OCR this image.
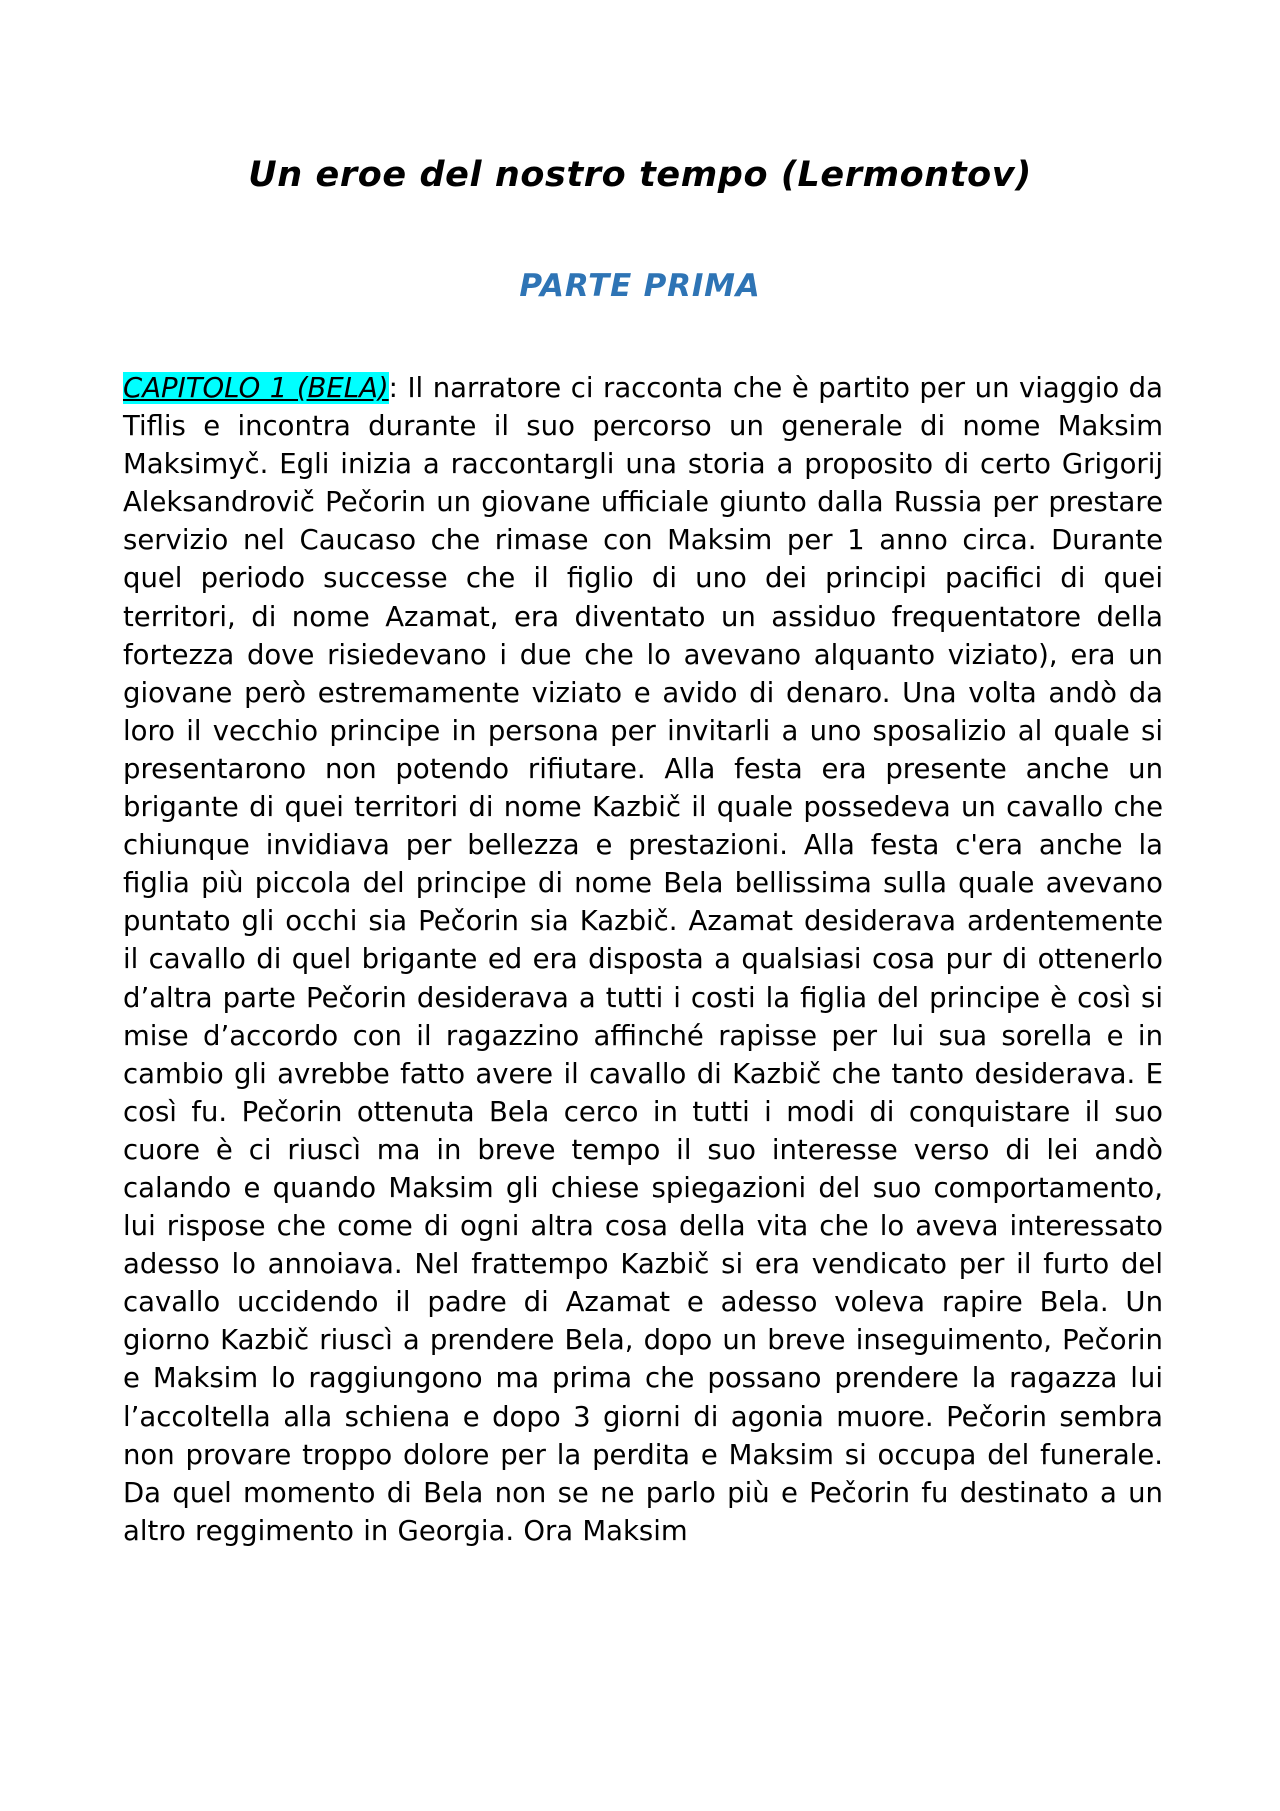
Un eroe del nostro tempo (Lermontov)
PARTE PRIMA

CAPITOLO 1 (BELA): Il narratore ci racconta che è partito per un viaggio da Tiflis e incontra durante il suo percorso un generale di nome Maksim Maksimyč. Egli inizia a raccontargli una storia a proposito di certo Grigorij Aleksandrovič Pečorin un giovane ufficiale giunto dalla Russia per prestare servizio nel Caucaso che rimase con Maksim per 1 anno circa. Durante quel periodo successe che il figlio di uno dei principi pacifici di quei territori, di nome Azamat, era diventato un assiduo frequentatore della fortezza dove risiedevano i due che lo avevano alquanto viziato), era un giovane però estremamente viziato e avido di denaro. Una volta andò da loro il vecchio principe in persona per invitarli a uno sposalizio al quale si presentarono non potendo rifiutare. Alla festa era presente anche un brigante di quei territori di nome Kazbič il quale possedeva un cavallo che chiunque invidiava per bellezza e prestazioni. Alla festa c'era anche la figlia più piccola del principe di nome Bela bellissima sulla quale avevano puntato gli occhi sia Pečorin sia Kazbič. Azamat desiderava ardentemente il cavallo di quel brigante ed era disposta a qualsiasi cosa pur di ottenerlo d’altra parte Pečorin desiderava a tutti i costi la figlia del principe è così si mise d’accordo con il ragazzino affinché rapisse per lui sua sorella e in cambio gli avrebbe fatto avere il cavallo di Kazbič che tanto desiderava. E così fu. Pečorin ottenuta Bela cerco in tutti i modi di conquistare il suo cuore è ci riuscì ma in breve tempo il suo interesse verso di lei andò calando e quando Maksim gli chiese spiegazioni del suo comportamento, lui rispose che come di ogni altra cosa della vita che lo aveva interessato adesso lo annoiava. Nel frattempo Kazbič si era vendicato per il furto del cavallo uccidendo il padre di Azamat e adesso voleva rapire Bela. Un giorno Kazbič riuscì a prendere Bela, dopo un breve inseguimento, Pečorin e Maksim lo raggiungono ma prima che possano prendere la ragazza lui l’accoltella alla schiena e dopo 3 giorni di agonia muore. Pečorin sembra non provare troppo dolore per la perdita e Maksim si occupa del funerale. Da quel momento di Bela non se ne parlo più e Pečorin fu destinato a un altro reggimento in Georgia. Ora Maksim
